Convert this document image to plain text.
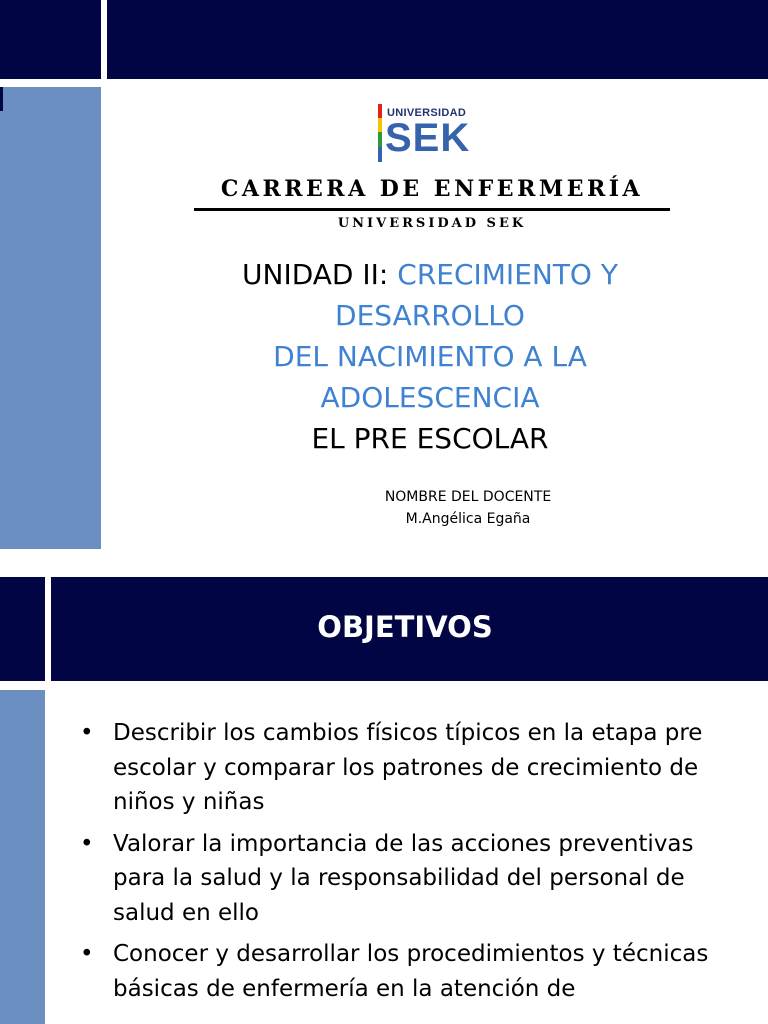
UNIVERSIDAD
SEK
CARRERA DE ENFERMERÍA
UNIVERSIDAD SEK
UNIDAD II: CRECIMIENTO Y
DESARROLLO
DEL NACIMIENTO A LA
ADOLESCENCIA
EL PRE ESCOLAR
NOMBRE DEL DOCENTE
M.Angélica Egaña
OBJETIVOS
• Describir los cambios físicos típicos en la etapa pre escolar y comparar los patrones de crecimiento de niños y niñas
• Valorar la importancia de las acciones preventivas para la salud y la responsabilidad del personal de salud en ello
• Conocer y desarrollar los procedimientos y técnicas básicas de enfermería en la atención de
